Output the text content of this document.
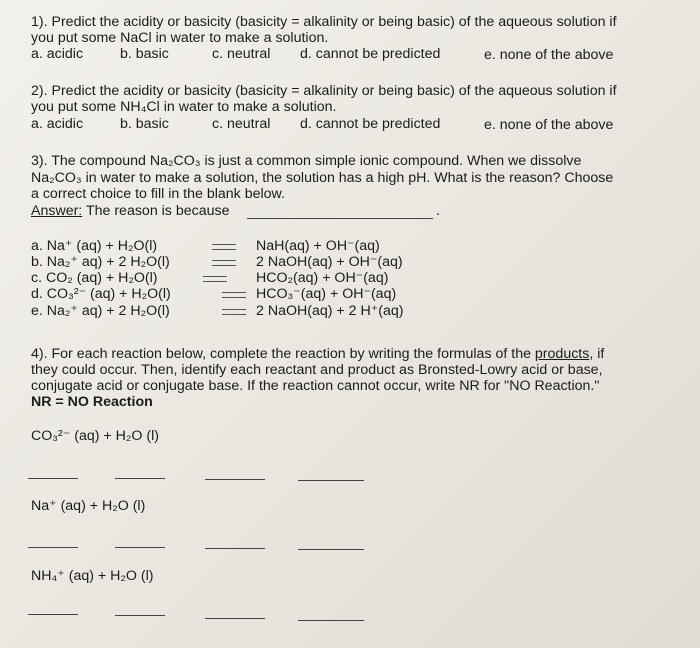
1). Predict the acidity or basicity (basicity = alkalinity or being basic) of the aqueous solution if
you put some NaCl in water to make a solution.
a. acidic	b. basic	c. neutral d. cannot be predicted	e. none of the above
2). Predict the acidity or basicity (basicity = alkalinity or being basic) of the aqueous solution if
you put some NH₄Cl in water to make a solution.
a. acidic	b. basic	c. neutral d. cannot be predicted	e. none of the above
3). The compound Na₂CO₃ is just a common simple ionic compound. When we dissolve
Na₂CO₃ in water to make a solution, the solution has a high pH. What is the reason? Choose
a correct choice to fill in the blank below.
Answer: The reason is because	.
a. Na⁺ (aq) + H₂O(l)	NaH(aq) + OH⁻(aq)
b. Na₂⁺ aq) + 2 H₂O(l)	2 NaOH(aq) + OH⁻(aq)
c. CO₂ (aq) + H₂O(l)	HCO₂(aq) + OH⁻(aq)
d. CO₃²⁻ (aq) + H₂O(l)	HCO₃⁻(aq) + OH⁻(aq)
e. Na₂⁺ aq) + 2 H₂O(l)	2 NaOH(aq) + 2 H⁺(aq)
4). For each reaction below, complete the reaction by writing the formulas of the products, if
they could occur. Then, identify each reactant and product as Bronsted-Lowry acid or base,
conjugate acid or conjugate base. If the reaction cannot occur, write NR for "NO Reaction."
NR = NO Reaction
CO₃²⁻ (aq) + H₂O (l)
Na⁺ (aq) + H₂O (l)
NH₄⁺ (aq) + H₂O (l)
